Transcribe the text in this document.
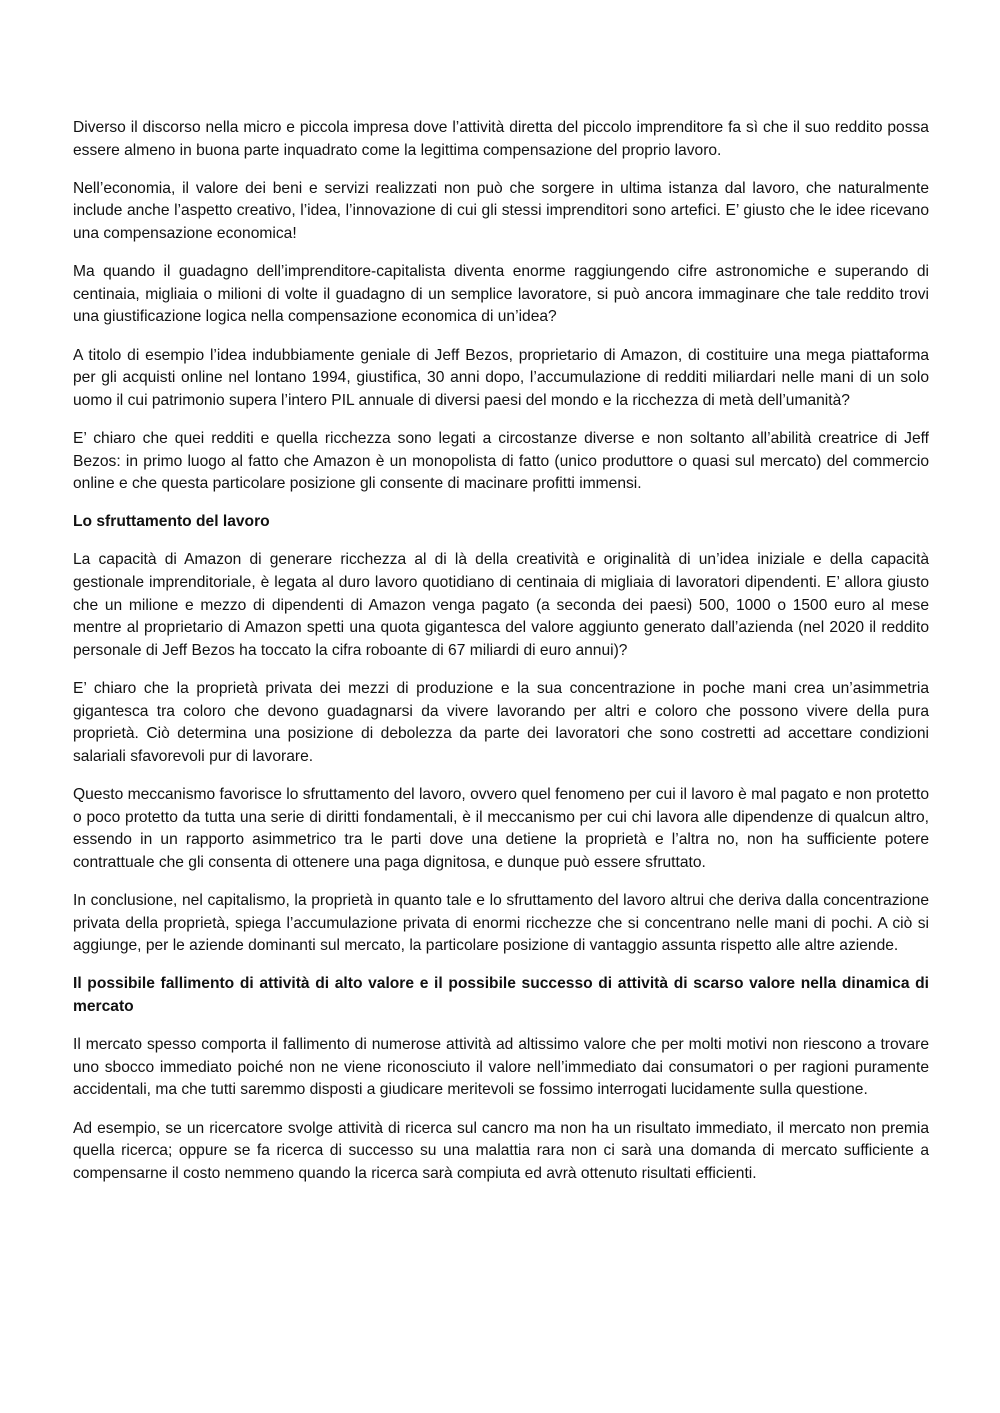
Diverso il discorso nella micro e piccola impresa dove l’attività diretta del piccolo imprenditore fa sì che il suo reddito possa essere almeno in buona parte inquadrato come la legittima compensazione del proprio lavoro.

Nell’economia, il valore dei beni e servizi realizzati non può che sorgere in ultima istanza dal lavoro, che naturalmente include anche l’aspetto creativo, l’idea, l’innovazione di cui gli stessi imprenditori sono artefici. E’ giusto che le idee ricevano una compensazione economica!

Ma quando il guadagno dell’imprenditore-capitalista diventa enorme raggiungendo cifre astronomiche e superando di centinaia, migliaia o milioni di volte il guadagno di un semplice lavoratore, si può ancora immaginare che tale reddito trovi una giustificazione logica nella compensazione economica di un’idea?

A titolo di esempio l’idea indubbiamente geniale di Jeff Bezos, proprietario di Amazon, di costituire una mega piattaforma per gli acquisti online nel lontano 1994, giustifica, 30 anni dopo, l’accumulazione di redditi miliardari nelle mani di un solo uomo il cui patrimonio supera l’intero PIL annuale di diversi paesi del mondo e la ricchezza di metà dell’umanità?

E’ chiaro che quei redditi e quella ricchezza sono legati a circostanze diverse e non soltanto all’abilità creatrice di Jeff Bezos: in primo luogo al fatto che Amazon è un monopolista di fatto (unico produttore o quasi sul mercato) del commercio online e che questa particolare posizione gli consente di macinare profitti immensi.

Lo sfruttamento del lavoro

La capacità di Amazon di generare ricchezza al di là della creatività e originalità di un’idea iniziale e della capacità gestionale imprenditoriale, è legata al duro lavoro quotidiano di centinaia di migliaia di lavoratori dipendenti. E’ allora giusto che un milione e mezzo di dipendenti di Amazon venga pagato (a seconda dei paesi) 500, 1000 o 1500 euro al mese mentre al proprietario di Amazon spetti una quota gigantesca del valore aggiunto generato dall’azienda (nel 2020 il reddito personale di Jeff Bezos ha toccato la cifra roboante di 67 miliardi di euro annui)?

E’ chiaro che la proprietà privata dei mezzi di produzione e la sua concentrazione in poche mani crea un’asimmetria gigantesca tra coloro che devono guadagnarsi da vivere lavorando per altri e coloro che possono vivere della pura proprietà. Ciò determina una posizione di debolezza da parte dei lavoratori che sono costretti ad accettare condizioni salariali sfavorevoli pur di lavorare.

Questo meccanismo favorisce lo sfruttamento del lavoro, ovvero quel fenomeno per cui il lavoro è mal pagato e non protetto o poco protetto da tutta una serie di diritti fondamentali, è il meccanismo per cui chi lavora alle dipendenze di qualcun altro, essendo in un rapporto asimmetrico tra le parti dove una detiene la proprietà e l’altra no, non ha sufficiente potere contrattuale che gli consenta di ottenere una paga dignitosa, e dunque può essere sfruttato.

In conclusione, nel capitalismo, la proprietà in quanto tale e lo sfruttamento del lavoro altrui che deriva dalla concentrazione privata della proprietà, spiega l’accumulazione privata di enormi ricchezze che si concentrano nelle mani di pochi. A ciò si aggiunge, per le aziende dominanti sul mercato, la particolare posizione di vantaggio assunta rispetto alle altre aziende.

Il possibile fallimento di attività di alto valore e il possibile successo di attività di scarso valore nella dinamica di mercato

Il mercato spesso comporta il fallimento di numerose attività ad altissimo valore che per molti motivi non riescono a trovare uno sbocco immediato poiché non ne viene riconosciuto il valore nell’immediato dai consumatori o per ragioni puramente accidentali, ma che tutti saremmo disposti a giudicare meritevoli se fossimo interrogati lucidamente sulla questione.

Ad esempio, se un ricercatore svolge attività di ricerca sul cancro ma non ha un risultato immediato, il mercato non premia quella ricerca; oppure se fa ricerca di successo su una malattia rara non ci sarà una domanda di mercato sufficiente a compensarne il costo nemmeno quando la ricerca sarà compiuta ed avrà ottenuto risultati efficienti.
